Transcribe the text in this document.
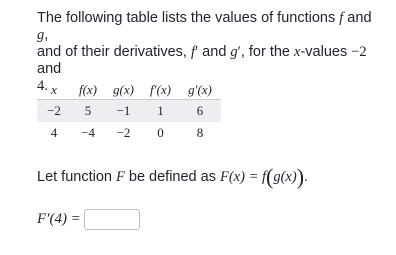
The following table lists the values of functions f and g,
and of their derivatives, f′ and g′, for the x-values −2 and
4. x	f(x)	g(x)	f′(x)	g′(x)
−2	5	−1	1	6
4	−4	−2	0	8
Let function F be defined as F(x) = f(g(x)).
F′(4) =
